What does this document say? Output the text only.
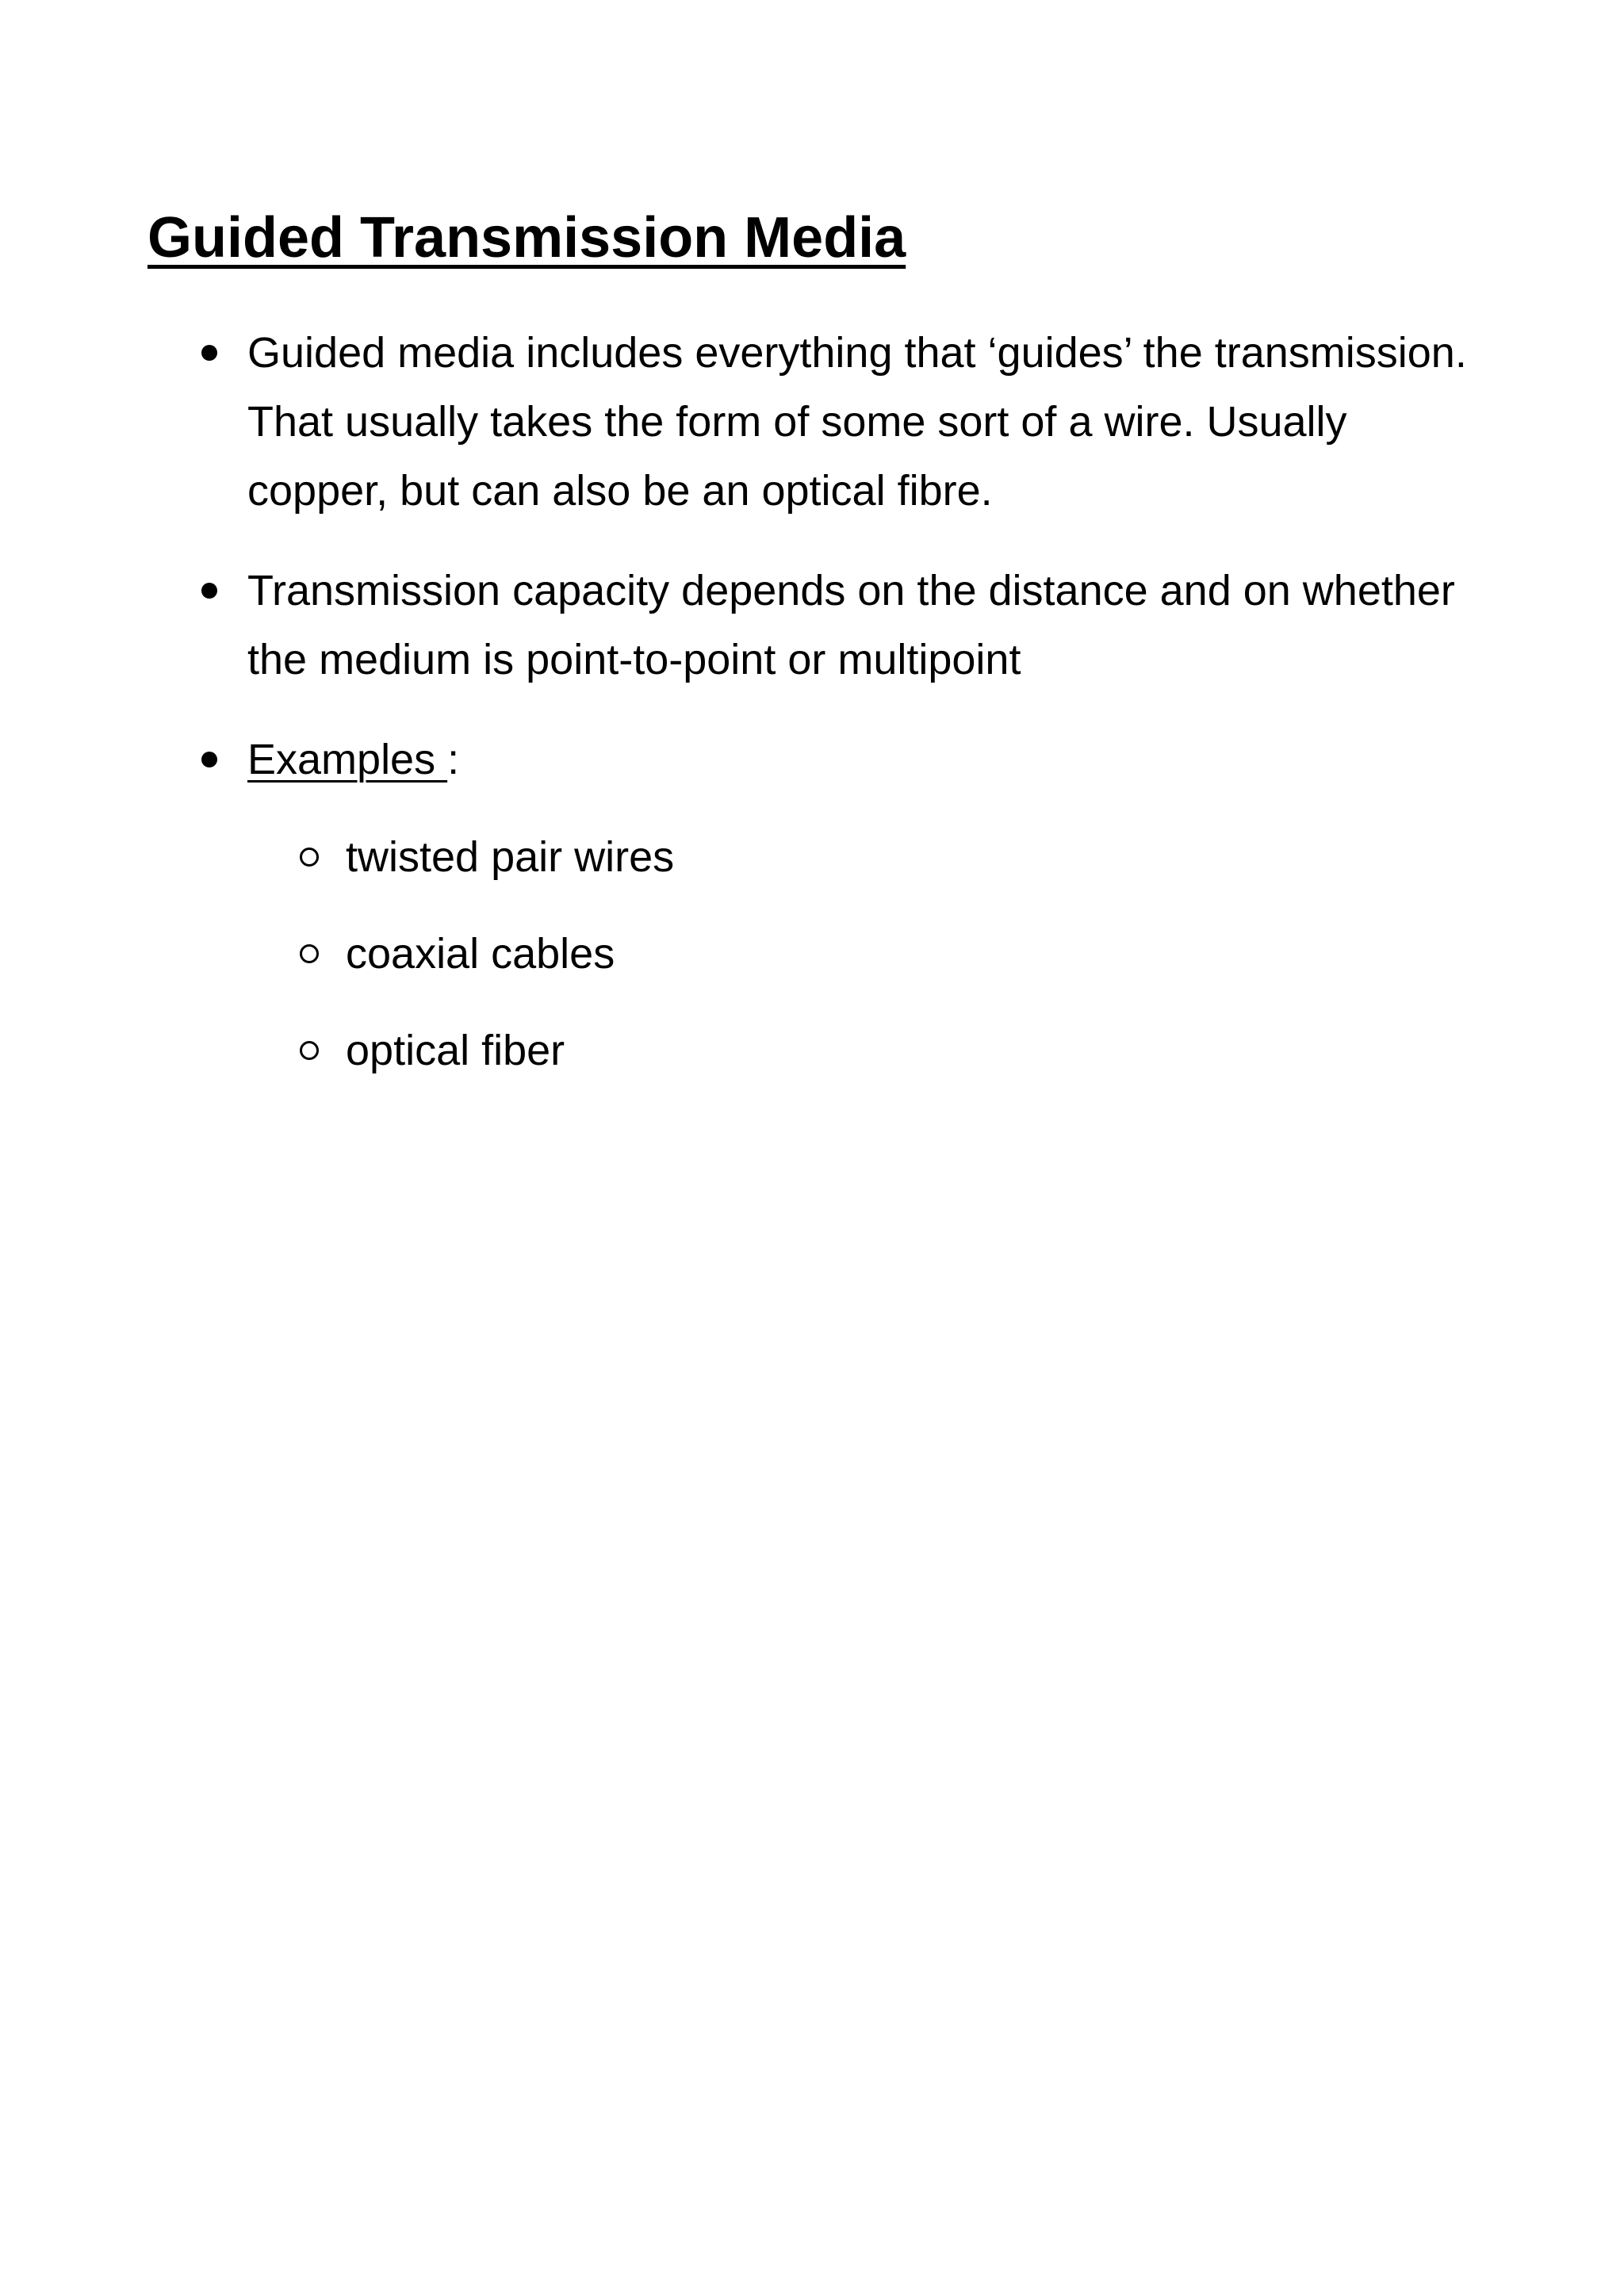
Guided Transmission Media
Guided media includes everything that ‘guides’ the transmission. That usually takes the form of some sort of a wire. Usually copper, but can also be an optical fibre.
Transmission capacity depends on the distance and on whether the medium is point-to-point or multipoint
Examples :
twisted pair wires
coaxial cables
optical fiber
